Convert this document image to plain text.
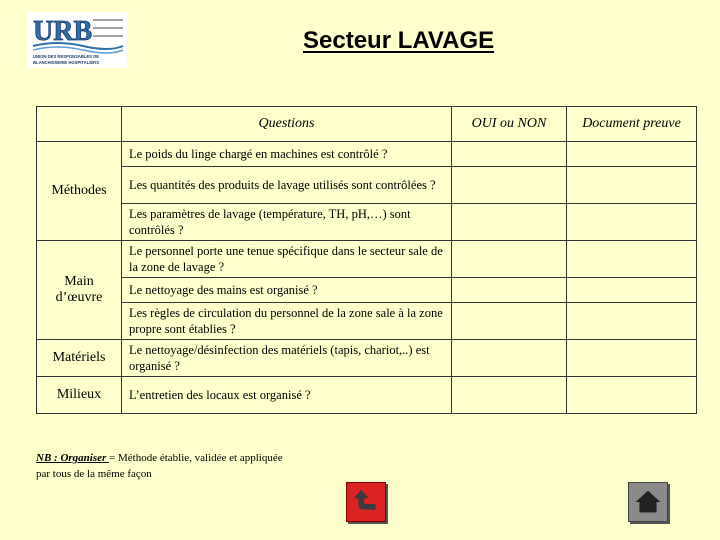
URB
UNION DES RESPONSABLES DE
BLANCHISSERIE HOSPITALIERS
Secteur LAVAGE
	Questions	OUI ou NON	Document preuve
Méthodes	Le poids du linge chargé en machines est contrôlé ?		
	Les quantités des produits de lavage utilisés sont contrôlées ?		
	Les paramètres de lavage (température, TH, pH,…) sont contrôlés ?		
Main d’œuvre	Le personnel porte une tenue spécifique dans le secteur sale de la zone de lavage ?		
	Le nettoyage des mains est organisé ?		
	Les règles de circulation du personnel de la zone sale à la zone propre sont établies ?		
Matériels	Le nettoyage/désinfection des matériels (tapis, chariot,..) est organisé ?		
Milieux	L’entretien des locaux est organisé ?		
NB : Organiser = Méthode établie, validée et appliquée par tous de la même façon
